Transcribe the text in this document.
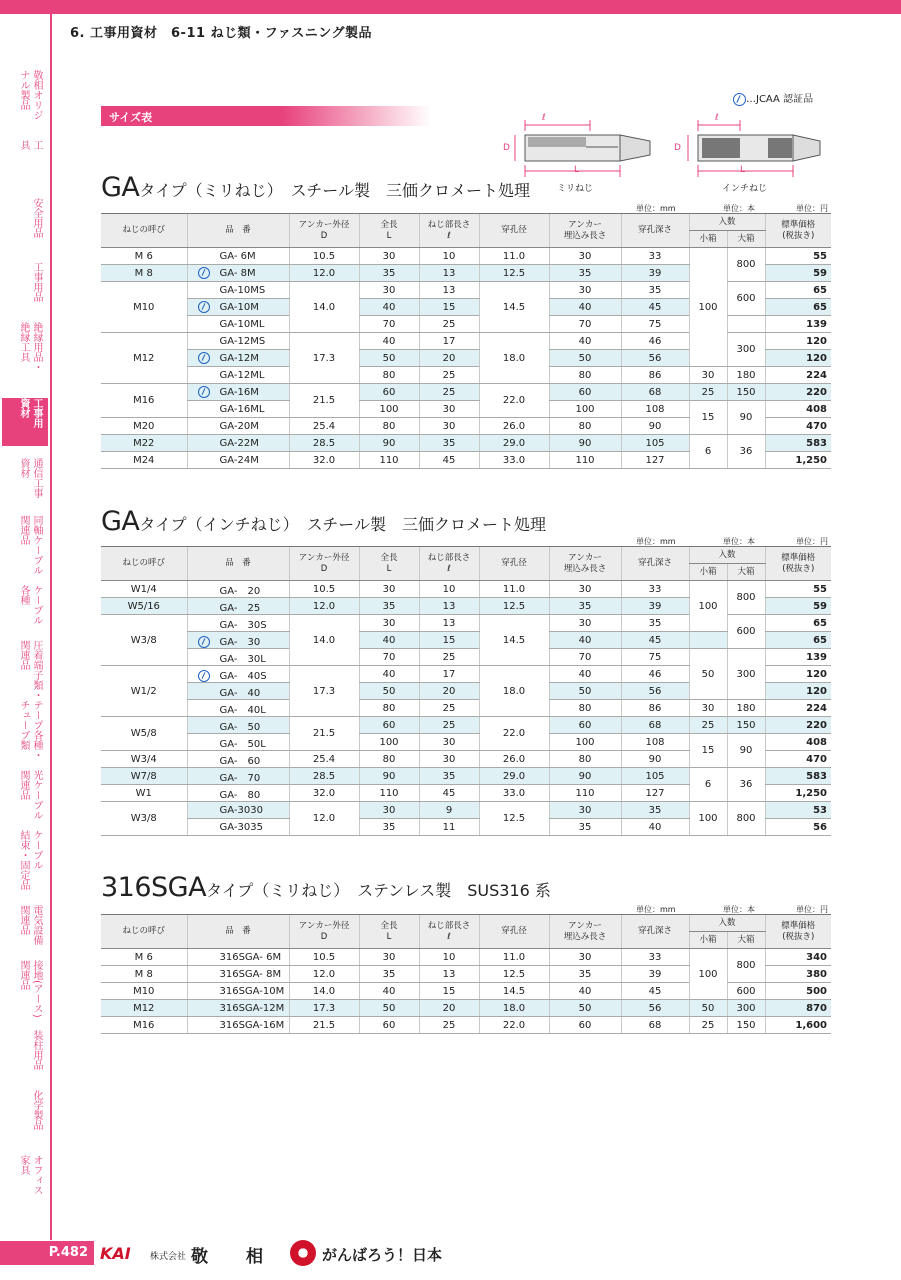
6. 工事用資材　6-11 ねじ類・ファスニング製品
敬相オリジ
ナル製品
工
具
安全用品
工事用品
絶縁用品・
絶縁工具
工事用
資材
通信工事
資材
同軸ケーブル
関連品
ケーブル
各種
圧着端子類・
関連品
テープ各種・
チューブ類
光ケーブル
関連品
ケーブル
結束・固定品
電気設備
関連品
接地(アース)
関連品
装柱用品
化学製品
オフィス
家具
…JCAA 認証品
サイズ表	ℓ
D
L
ミリねじ
ℓ
D
L
インチねじ
GAタイプ（ミリねじ）　スチール製　三価クロメート処理
単位：mm	単位：本	単位：円
ねじの呼び	品　番	アンカー外径
D	全長
L	ねじ部長さ
ℓ	穿孔径	アンカー
埋込み長さ	穿孔深さ	入数		標準価格
(税抜き)
								小箱	大箱	
M 6	GA- 6M	10.5	30	10	11.0	30	33	100	800	55
M 8	GA- 8M	12.0	35	13	12.5	35	39			59
M10	GA-10MS	14.0	30	13	14.5	30	35		600	65
	GA-10M		40	15		40	45			65
	GA-10ML		70	25		70	75			139
M12	GA-12MS	17.3	40	17	18.0	40	46		300	120
	GA-12M		50	20		50	56			120
	GA-12ML		80	25		80	86	30	180	224
M16	GA-16M	21.5	60	25	22.0	60	68	25	150	220
	GA-16ML		100	30		100	108	15	90	408
M20	GA-20M	25.4	80	30	26.0	80	90			470
M22	GA-22M	28.5	90	35	29.0	90	105	6	36	583
M24	GA-24M	32.0	110	45	33.0	110	127			1,250
GAタイプ（インチねじ）　スチール製　三価クロメート処理
単位：mm	単位：本	単位：円
ねじの呼び	品　番	アンカー外径
D	全長
L	ねじ部長さ
ℓ	穿孔径	アンカー
埋込み長さ	穿孔深さ	入数		標準価格
(税抜き)
								小箱	大箱	
W1/4	GA-　20	10.5	30	10	11.0	30	33	100	800	55
W5/16	GA-　25	12.0	35	13	12.5	35	39			59
W3/8	GA-　30S	14.0	30	13	14.5	30	35		600	65
	GA-　30		40	15		40	45			65
	GA-　30L		70	25		70	75	50	300	139
W1/2	GA-　40S	17.3	40	17	18.0	40	46			120
	GA-　40		50	20		50	56			120
	GA-　40L		80	25		80	86	30	180	224
W5/8	GA-　50	21.5	60	25	22.0	60	68	25	150	220
	GA-　50L		100	30		100	108	15	90	408
W3/4	GA-　60	25.4	80	30	26.0	80	90			470
W7/8	GA-　70	28.5	90	35	29.0	90	105	6	36	583
W1	GA-　80	32.0	110	45	33.0	110	127			1,250
W3/8	GA-3030	12.0	30	9	12.5	30	35	100	800	53
	GA-3035		35	11		35	40			56
316SGAタイプ（ミリねじ）　ステンレス製　SUS316 系
単位：mm	単位：本	単位：円
ねじの呼び	品　番	アンカー外径
D	全長
L	ねじ部長さ
ℓ	穿孔径	アンカー
埋込み長さ	穿孔深さ	入数		標準価格
(税抜き)
								小箱	大箱	
M 6	316SGA- 6M	10.5	30	10	11.0	30	33	100	800	340
M 8	316SGA- 8M	12.0	35	13	12.5	35	39			380
M10	316SGA-10M	14.0	40	15	14.5	40	45		600	500
M12	316SGA-12M	17.3	50	20	18.0	50	56	50	300	870
M16	316SGA-16M	21.5	60	25	22.0	60	68	25	150	1,600
P.482 KAI 株式会社 敬 相	がんばろう！日本
